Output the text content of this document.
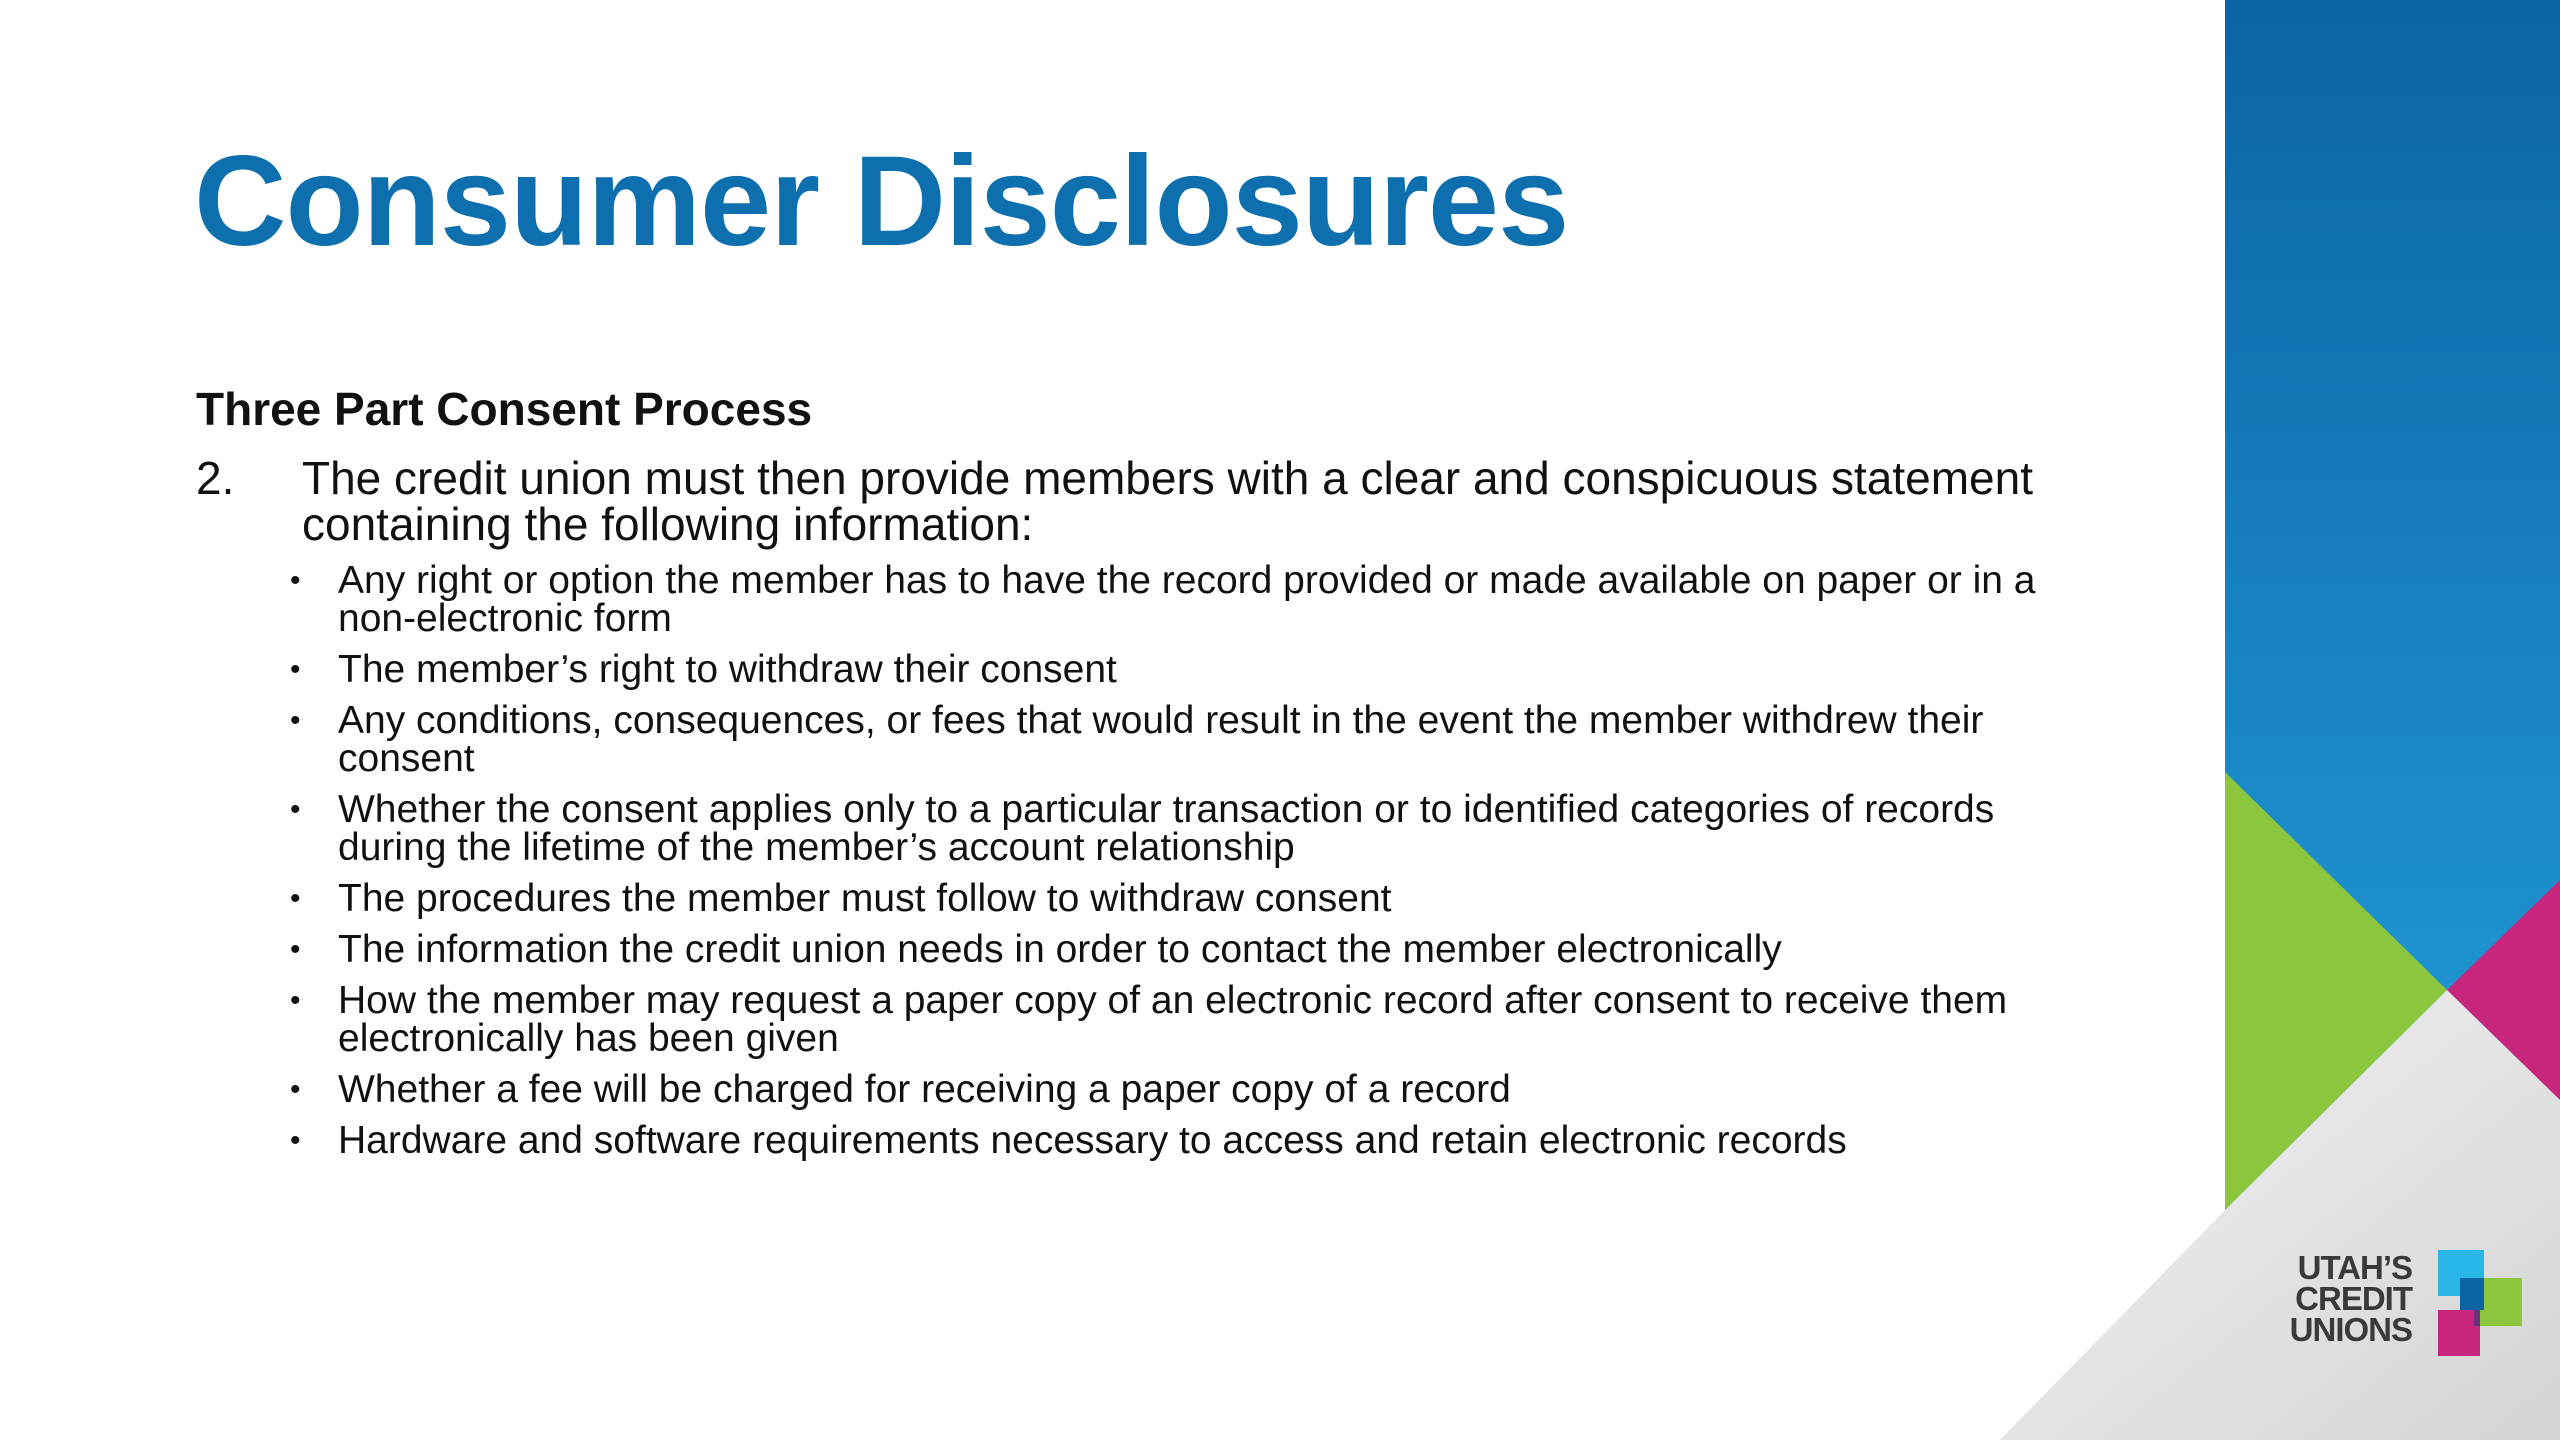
Consumer Disclosures
Three Part Consent Process
2. The credit union must then provide members with a clear and conspicuous statement containing the following information:
• Any right or option the member has to have the record provided or made available on paper or in a non-electronic form
• The member’s right to withdraw their consent
• Any conditions, consequences, or fees that would result in the event the member withdrew their consent
• Whether the consent applies only to a particular transaction or to identified categories of records during the lifetime of the member’s account relationship
• The procedures the member must follow to withdraw consent
• The information the credit union needs in order to contact the member electronically
• How the member may request a paper copy of an electronic record after consent to receive them electronically has been given
• Whether a fee will be charged for receiving a paper copy of a record
• Hardware and software requirements necessary to access and retain electronic records
UTAH’S
CREDIT
UNIONS
